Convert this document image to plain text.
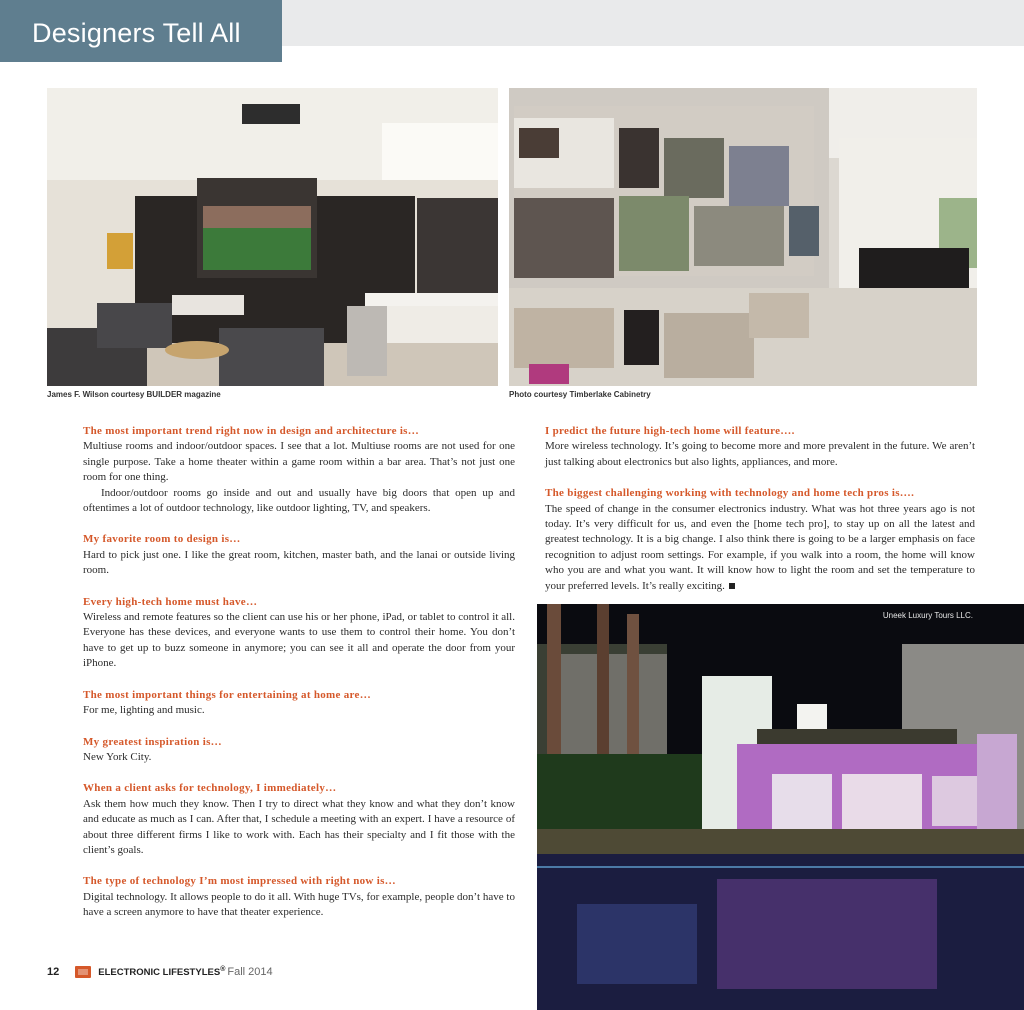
Designers Tell All
James F. Wilson courtesy BUILDER magazine	Photo courtesy Timberlake Cabinetry

The most important trend right now in design and architecture is…

Multiuse rooms and indoor/outdoor spaces. I see that a lot. Multiuse rooms are not used for one single purpose. Take a home theater within a game room within a bar area. That’s not just one room for one thing.

Indoor/outdoor rooms go inside and out and usually have big doors that open up and oftentimes a lot of outdoor technology, like outdoor lighting, TV, and speakers.

My favorite room to design is…

Hard to pick just one. I like the great room, kitchen, master bath, and the lanai or outside living room.

Every high-tech home must have…

Wireless and remote features so the client can use his or her phone, iPad, or tablet to control it all. Everyone has these devices, and everyone wants to use them to control their home. You don’t have to get up to buzz someone in anymore; you can see it all and operate the door from your iPhone.

The most important things for entertaining at home are…

For me, lighting and music.

My greatest inspiration is…

New York City.

When a client asks for technology, I immediately…

Ask them how much they know. Then I try to direct what they know and what they don’t know and educate as much as I can. After that, I schedule a meeting with an expert. I have a resource of about three different firms I like to work with. Each has their specialty and I fit those with the client’s goals.

The type of technology I’m most impressed with right now is…

Digital technology. It allows people to do it all. With huge TVs, for example, people don’t have to have a screen anymore to have that theater experience.

I predict the future high-tech home will feature….

More wireless technology. It’s going to become more and more prevalent in the future. We aren’t just talking about electronics but also lights, appliances, and more.

The biggest challenging working with technology and home tech pros is….

The speed of change in the consumer electronics industry. What was hot three years ago is not today. It’s very difficult for us, and even the [home tech pro], to stay up on all the latest and greatest technology. It is a big change. I also think there is going to be a larger emphasis on face recognition to adjust room settings. For example, if you walk into a room, the home will know who you are and what you want. It will know how to light the room and set the temperature to your preferred levels. It’s really exciting.

Uneek Luxury Tours LLC.
12	ELECTRONIC LIFESTYLES® Fall 2014
